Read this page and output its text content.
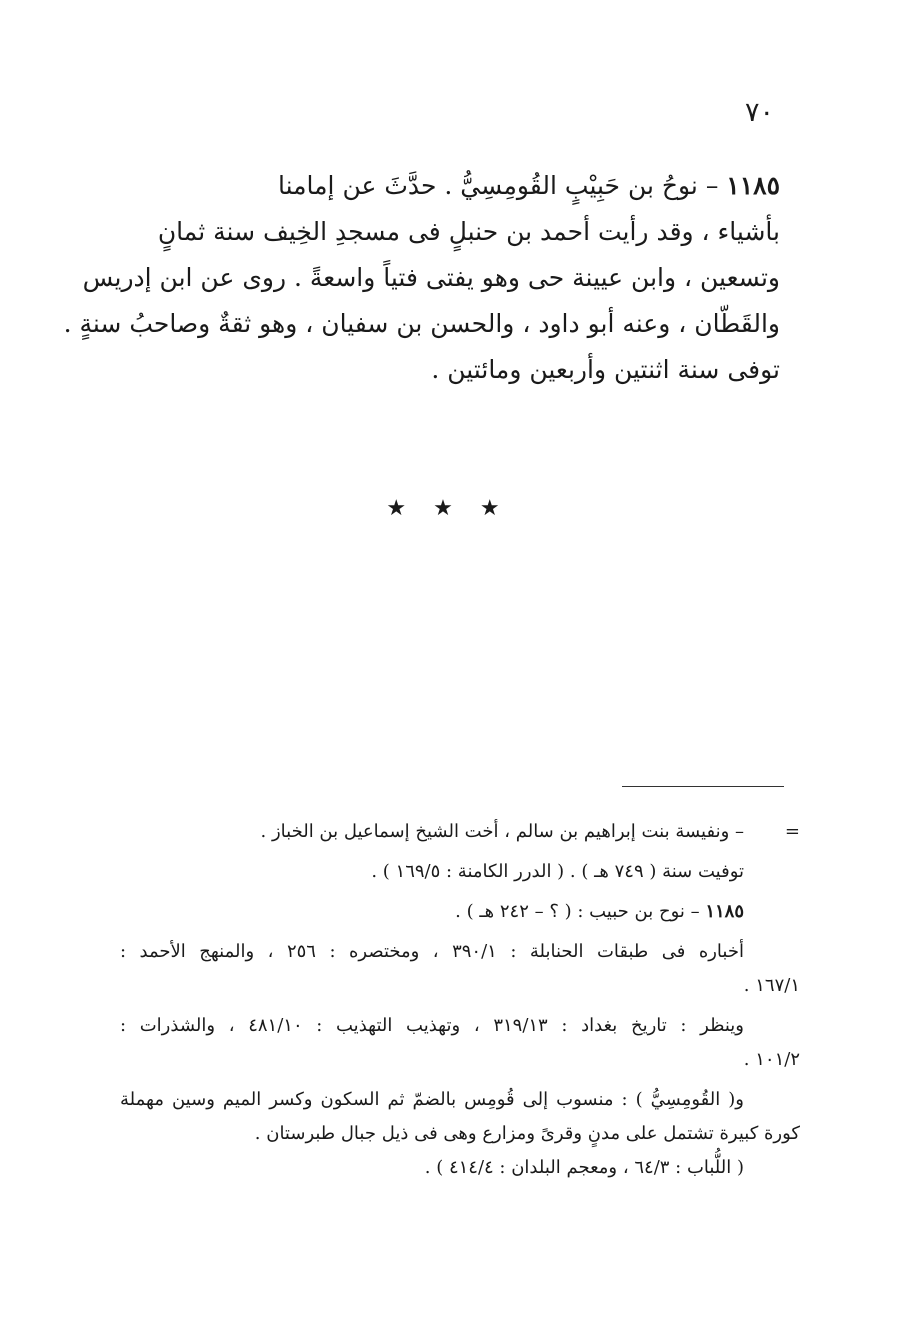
٧٠
١١٨٥ – نوحُ بن حَبِيْبٍ القُومِسِيُّ . حدَّثَ عن إمامنا
بأشياء ، وقد رأيت أحمد بن حنبلٍ فى مسجدِ الخِيف سنة ثمانٍ
وتسعين ، وابن عيينة حى وهو يفتى فتياً واسعةً . روى عن ابن إدريس
والقَطّان ، وعنه أبو داود ، والحسن بن سفيان ، وهو ثقةٌ وصاحبُ سنةٍ .
توفى سنة اثنتين وأربعين ومائتين .
★ ★ ★
=– ونفيسة بنت إبراهيم بن سالم ، أخت الشيخ إسماعيل بن الخباز .
توفيت سنة ( ٧٤٩ هـ ) . ( الدرر الكامنة : ١٦٩/٥ ) .
١١٨٥ – نوح بن حبيب : ( ؟ – ٢٤٢ هـ ) .
أخباره فى طبقات الحنابلة : ٣٩٠/١ ، ومختصره : ٢٥٦ ، والمنهج الأحمد :
١٦٧/١ .
وينظر : تاريخ بغداد : ٣١٩/١٣ ، وتهذيب التهذيب : ٤٨١/١٠ ، والشذرات :
١٠١/٢ .
و( القُومِسِيُّ ) : منسوب إلى قُومِس بالضمّ ثم السكون وكسر الميم وسين مهملة
كورة كبيرة تشتمل على مدنٍ وقرىً ومزارع وهى فى ذيل جبال طبرستان .
( اللُّباب : ٦٤/٣ ، ومعجم البلدان : ٤١٤/٤ ) .
